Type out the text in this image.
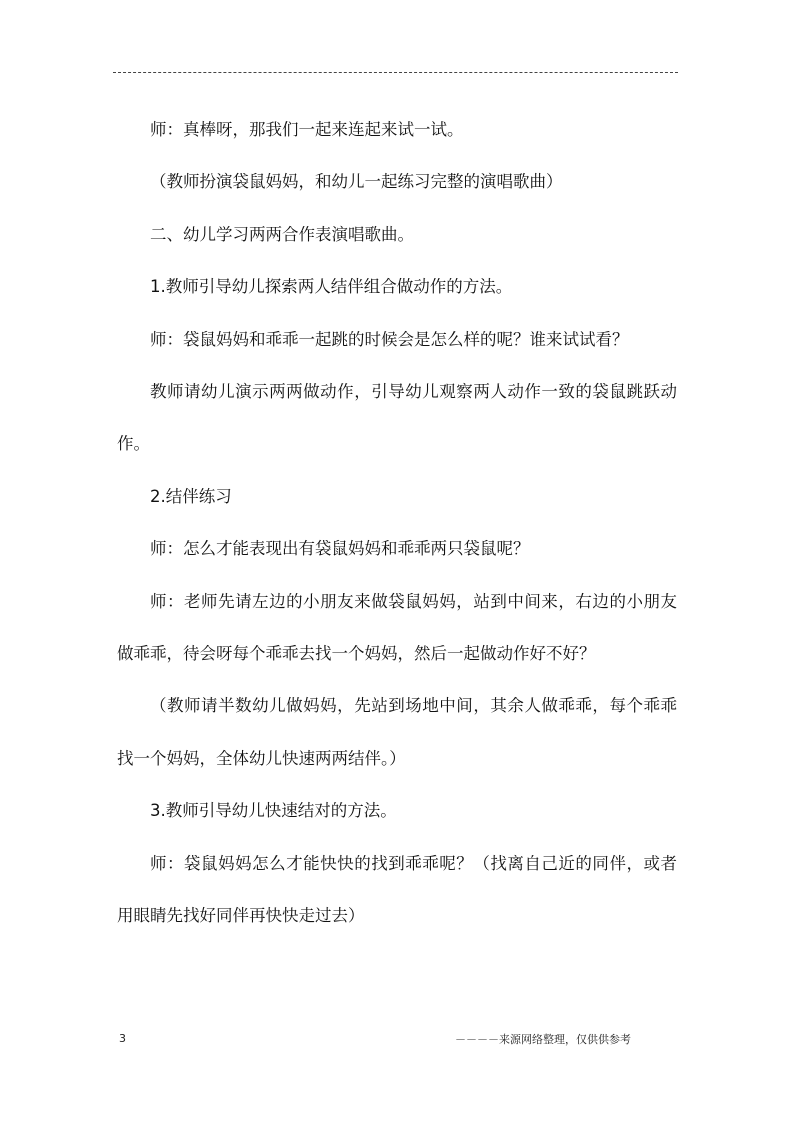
师：真棒呀，那我们一起来连起来试一试。

（教师扮演袋鼠妈妈，和幼儿一起练习完整的演唱歌曲）

二、幼儿学习两两合作表演唱歌曲。

1.教师引导幼儿探索两人结伴组合做动作的方法。

师：袋鼠妈妈和乖乖一起跳的时候会是怎么样的呢？谁来试试看？

教师请幼儿演示两两做动作，引导幼儿观察两人动作一致的袋鼠跳跃动作。

2.结伴练习

师：怎么才能表现出有袋鼠妈妈和乖乖两只袋鼠呢？

师：老师先请左边的小朋友来做袋鼠妈妈，站到中间来，右边的小朋友做乖乖，待会呀每个乖乖去找一个妈妈，然后一起做动作好不好？

（教师请半数幼儿做妈妈，先站到场地中间，其余人做乖乖，每个乖乖找一个妈妈，全体幼儿快速两两结伴。）

3.教师引导幼儿快速结对的方法。

师：袋鼠妈妈怎么才能快快的找到乖乖呢？（找离自己近的同伴，或者用眼睛先找好同伴再快快走过去）

3	－－－－来源网络整理，仅供供参考
